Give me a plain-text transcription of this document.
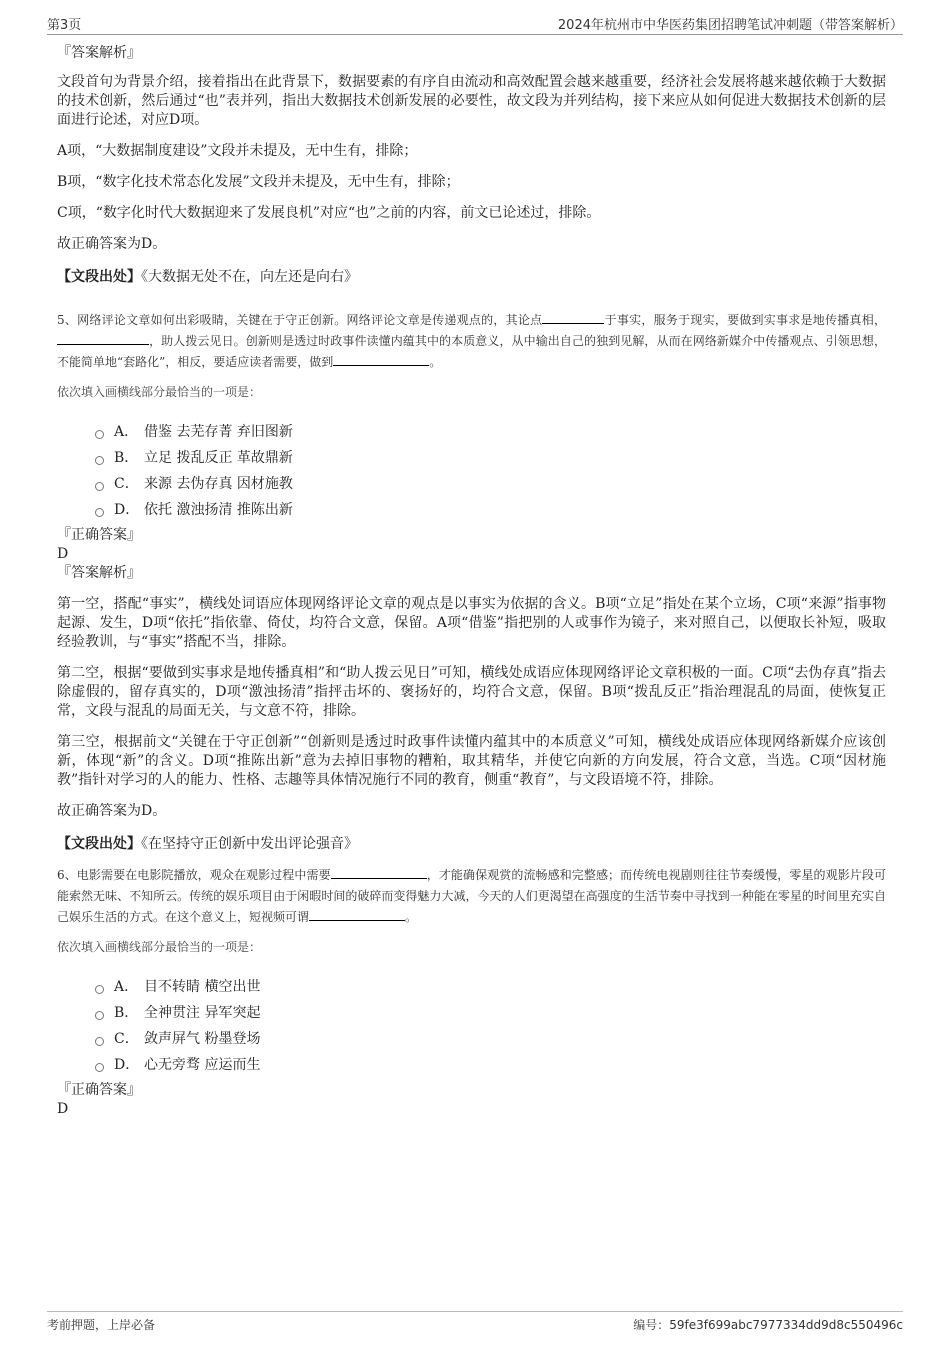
第3页	2024年杭州市中华医药集团招聘笔试冲刺题（带答案解析）

『答案解析』

文段首句为背景介绍，接着指出在此背景下，数据要素的有序自由流动和高效配置会越来越重要，经济社会发展将越来越依赖于大数据的技术创新，然后通过“也”表并列，指出大数据技术创新发展的必要性，故文段为并列结构，接下来应从如何促进大数据技术创新的层面进行论述，对应D项。

A项，“大数据制度建设”文段并未提及，无中生有，排除；

B项，“数字化技术常态化发展”文段并未提及，无中生有，排除；

C项，“数字化时代大数据迎来了发展良机”对应“也”之前的内容，前文已论述过，排除。

故正确答案为D。

【文段出处】《大数据无处不在，向左还是向右》

5、网络评论文章如何出彩吸睛，关键在于守正创新。网络评论文章是传递观点的，其论点	于事实，服务于现实，要做到实事求是地传播真相，，助人拨云见日。创新则是透过时政事件读懂内蕴其中的本质意义，从中输出自己的独到见解，从而在网络新媒介中传播观点、引领思想，不能简单地“套路化”，相反，要适应读者需要，做到	。

依次填入画横线部分最恰当的一项是：

A． 借鉴 去芜存菁 弃旧图新
B． 立足 拨乱反正 革故鼎新
C． 来源 去伪存真 因材施教
D． 依托 激浊扬清 推陈出新

『正确答案』

D

『答案解析』

第一空，搭配“事实”，横线处词语应体现网络评论文章的观点是以事实为依据的含义。B项“立足”指处在某个立场，C项“来源”指事物起源、发生，D项“依托”指依靠、倚仗，均符合文意，保留。A项“借鉴”指把别的人或事作为镜子，来对照自己，以便取长补短，吸取经验教训，与“事实”搭配不当，排除。

第二空，根据“要做到实事求是地传播真相”和“助人拨云见日”可知，横线处成语应体现网络评论文章积极的一面。C项“去伪存真”指去除虚假的，留存真实的，D项“激浊扬清”指抨击坏的、褒扬好的，均符合文意，保留。B项“拨乱反正”指治理混乱的局面，使恢复正常，文段与混乱的局面无关，与文意不符，排除。

第三空，根据前文“关键在于守正创新”“创新则是透过时政事件读懂内蕴其中的本质意义”可知，横线处成语应体现网络新媒介应该创新，体现“新”的含义。D项“推陈出新”意为去掉旧事物的糟粕，取其精华，并使它向新的方向发展，符合文意，当选。C项“因材施教”指针对学习的人的能力、性格、志趣等具体情况施行不同的教育，侧重“教育”，与文段语境不符，排除。

故正确答案为D。

【文段出处】《在坚持守正创新中发出评论强音》

6、电影需要在电影院播放，观众在观影过程中需要	，才能确保观赏的流畅感和完整感；而传统电视剧则往往节奏缓慢，零星的观影片段可能索然无味、不知所云。传统的娱乐项目由于闲暇时间的破碎而变得魅力大减，今天的人们更渴望在高强度的生活节奏中寻找到一种能在零星的时间里充实自己娱乐生活的方式。在这个意义上，短视频可谓	。

依次填入画横线部分最恰当的一项是：

A． 目不转睛 横空出世
B． 全神贯注 异军突起
C． 敛声屏气 粉墨登场
D． 心无旁骛 应运而生

『正确答案』

D

考前押题，上岸必备	编号：59fe3f699abc7977334dd9d8c550496c
